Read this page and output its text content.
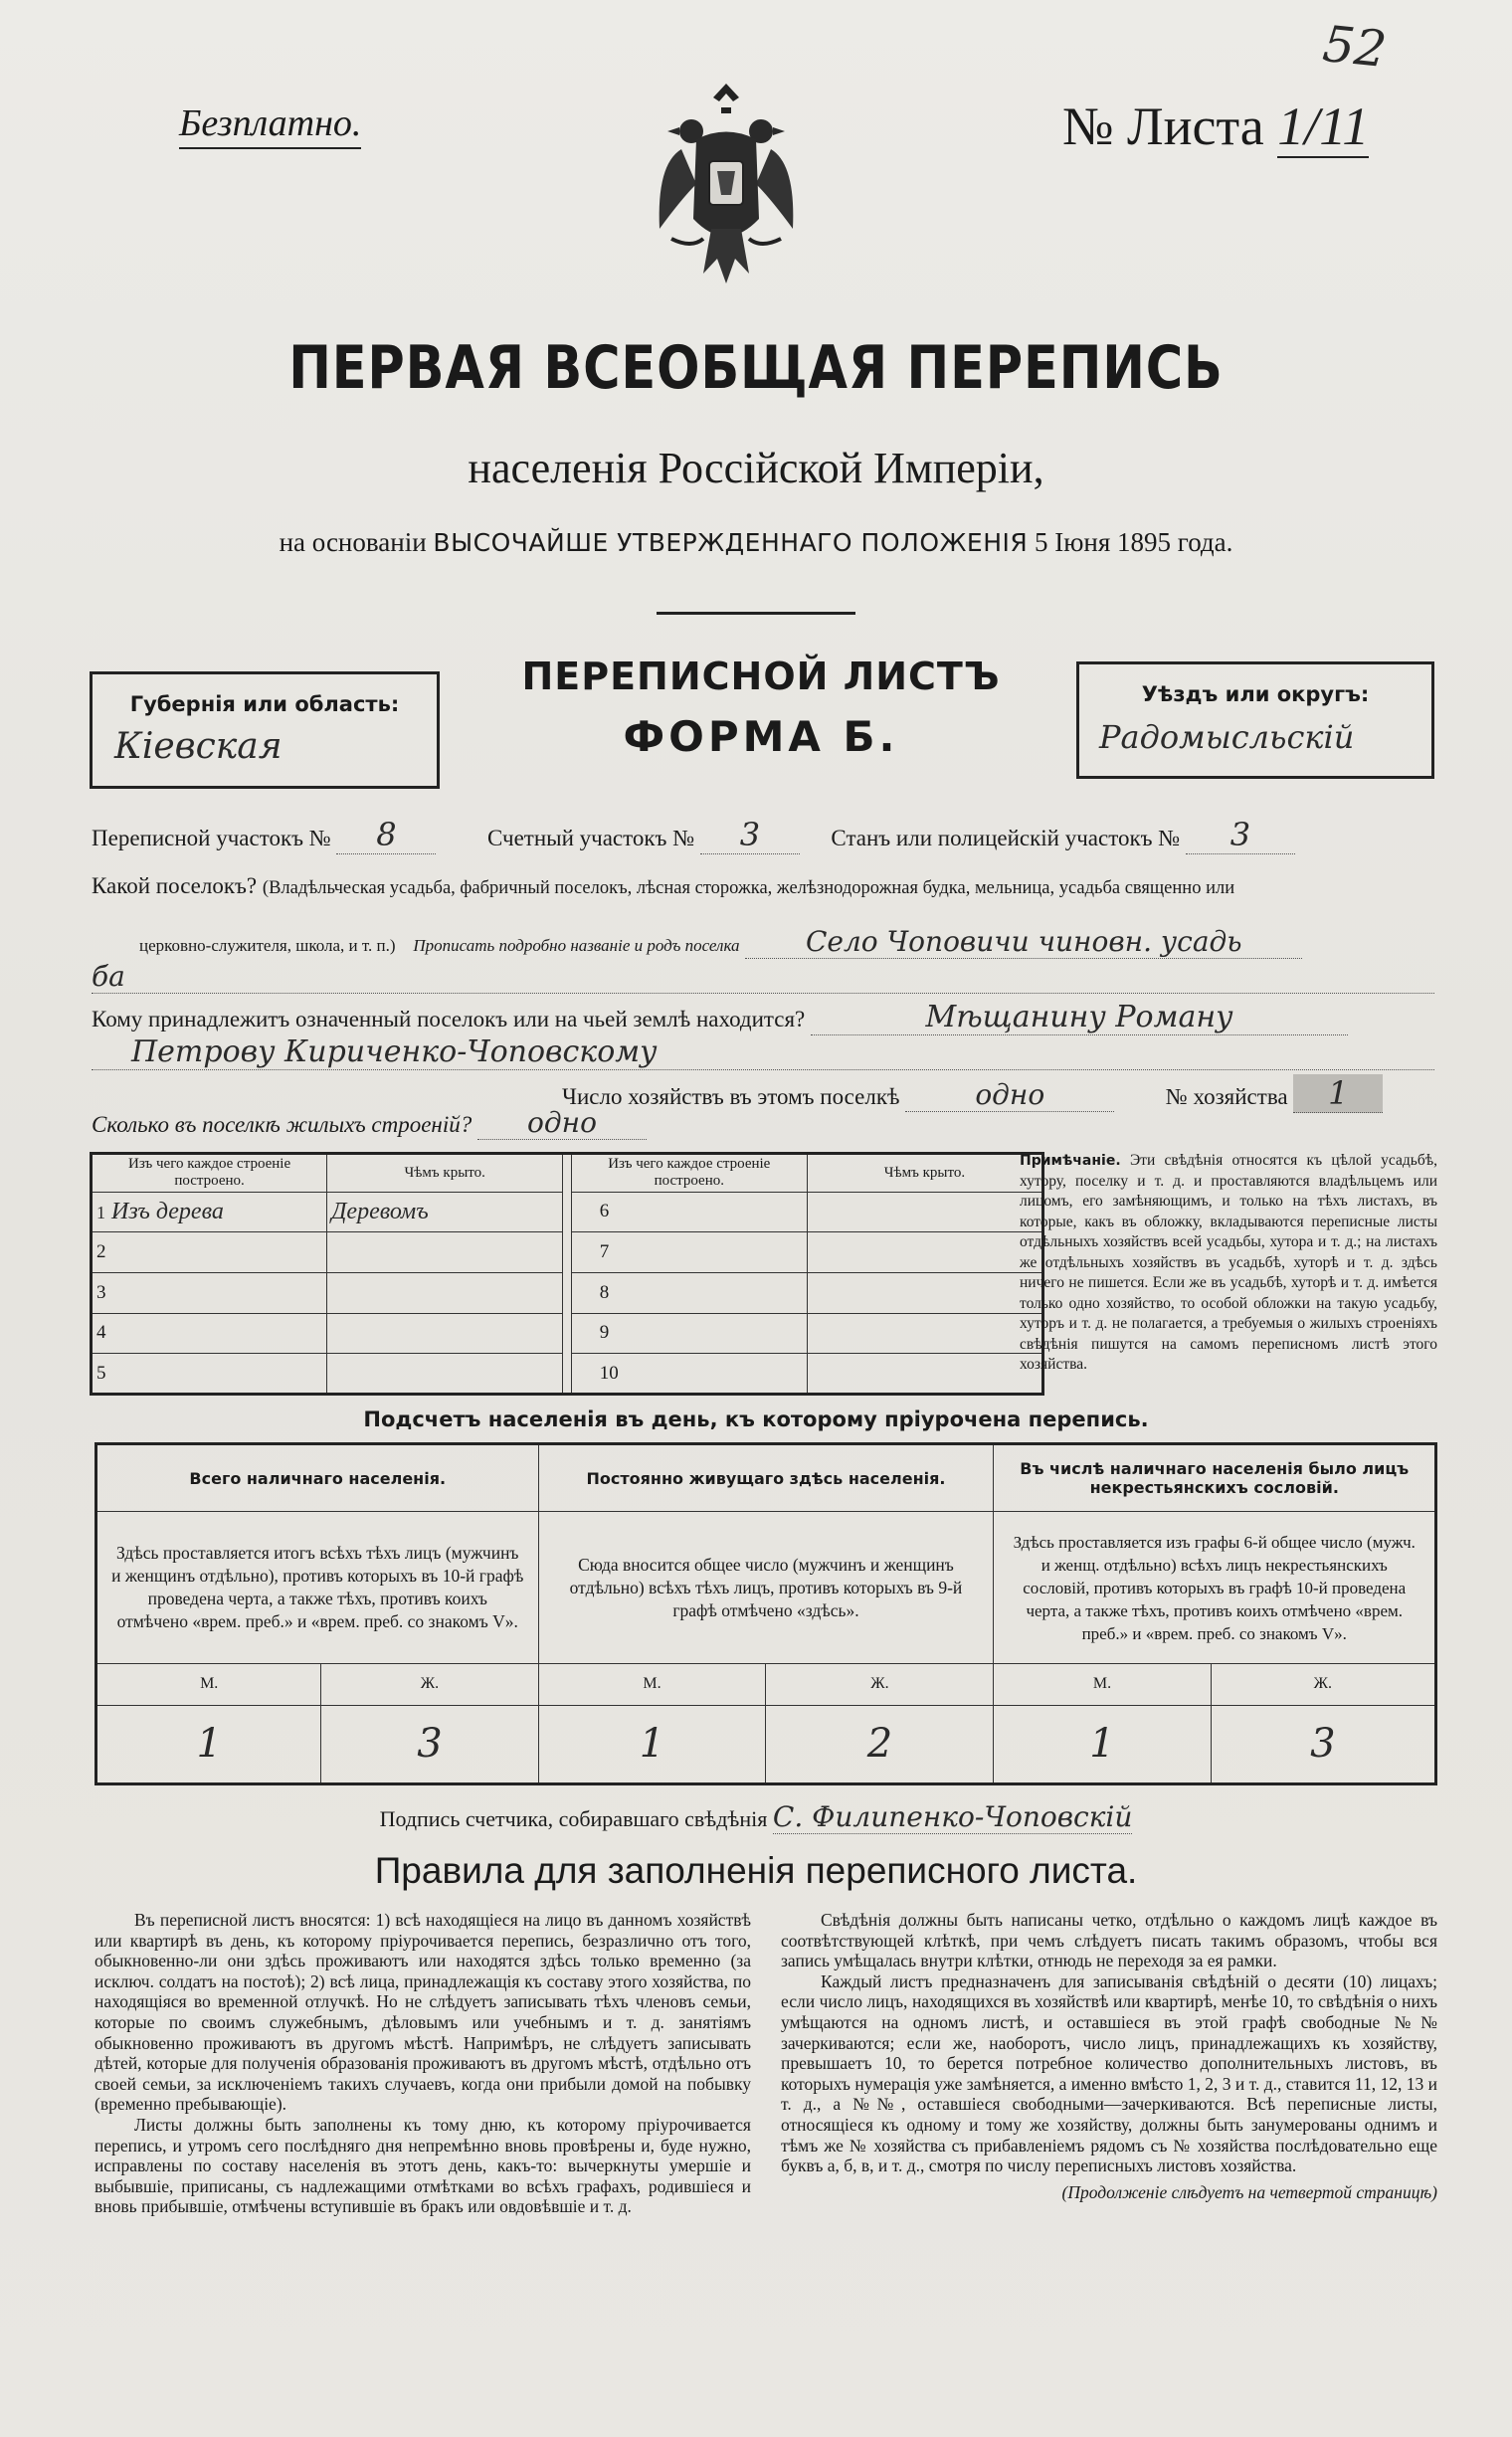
52
Безплатно.	№ Листа 1/11
ПЕРВАЯ ВСЕОБЩАЯ ПЕРЕПИСЬ
населенія Россійской Имперіи,
на основаніи ВЫСОЧАЙШЕ УТВЕРЖДЕННАГО ПОЛОЖЕНІЯ 5 Іюня 1895 года.
Губернія или область:
Кіевская
ПЕРЕПИСНОЙ ЛИСТЪ
ФОРМА Б.
Уѣздъ или округъ:
Радомысльскій
Переписной участокъ № 8	Счетный участокъ № 3	Станъ или полицейскій участокъ № 3
Какой поселокъ? (Владѣльческая усадьба, фабричный поселокъ, лѣсная сторожка, желѣзнодорожная будка, мельница, усадьба священно или
церковно-служителя, школа, и т. п.) Прописать подробно названіе и родъ поселка Село Чоповичи чиновн. усадь
ба
Кому принадлежитъ означенный поселокъ или на чьей землѣ находится?	Мѣщанину Роману
Петрову Кириченко-Чоповскому
Число хозяйствъ въ этомъ поселкѣ	одно	№ хозяйства 1
Сколько въ поселкѣ жилыхъ строеній? одно
Изъ чего каждое строеніе построено.	Чѣмъ крыто.		Изъ чего каждое строеніе построено.	Чѣмъ крыто.
1 Изъ дерева	Деревомъ		6	
2			7	
3			8	
4			9	
5			10	
Примѣчаніе. Эти свѣдѣнія относятся къ цѣлой усадьбѣ, хутору, поселку и т. д. и проставляются владѣльцемъ или лицомъ, его замѣняющимъ, и только на тѣхъ листахъ, въ которые, какъ въ обложку, вкладываются переписные листы отдѣльныхъ хозяйствъ всей усадьбы, хутора и т. д.; на листахъ же отдѣльныхъ хозяйствъ въ усадьбѣ, хуторѣ и т. д. здѣсь ничего не пишется. Если же въ усадьбѣ, хуторѣ и т. д. имѣется только одно хозяйство, то особой обложки на такую усадьбу, хуторъ и т. д. не полагается, а требуемыя о жилыхъ строеніяхъ свѣдѣнія пишутся на самомъ переписномъ листѣ этого хозяйства.
Подсчетъ населенія въ день, къ которому пріурочена перепись.
Всего наличнаго населенія.		Постоянно живущаго здѣсь населенія.		Въ числѣ наличнаго населенія было лицъ некрестьянскихъ сословій.	
Здѣсь проставляется итогъ всѣхъ тѣхъ лицъ (мужчинъ и женщинъ отдѣльно), противъ которыхъ въ 10-й графѣ проведена черта, а также тѣхъ, противъ коихъ отмѣчено «врем. преб.» и «врем. преб. со знакомъ V».		Сюда вносится общее число (мужчинъ и женщинъ отдѣльно) всѣхъ тѣхъ лицъ, противъ которыхъ въ 9-й графѣ отмѣчено «здѣсь».		Здѣсь проставляется изъ графы 6-й общее число (мужч. и женщ. отдѣльно) всѣхъ лицъ некрестьянскихъ сословій, противъ которыхъ въ графѣ 10-й проведена черта, а также тѣхъ, противъ коихъ отмѣчено «врем. преб.» и «врем. преб. со знакомъ V».	
М.	Ж.	М.	Ж.	М.	Ж.
1	3	1	2	1	3
Подпись счетчика, собиравшаго свѣдѣнія С. Филипенко-Чоповскій
Правила для заполненія переписного листа.

Въ переписной листъ вносятся: 1) всѣ находящіеся на лицо въ данномъ хозяйствѣ или квартирѣ въ день, къ которому пріурочивается перепись, безразлично отъ того, обыкновенно-ли они здѣсь проживаютъ или находятся здѣсь только временно (за исключ. солдатъ на постоѣ); 2) всѣ лица, принадлежащія къ составу этого хозяйства, по находящіяся во временной отлучкѣ. Но не слѣдуетъ записывать тѣхъ членовъ семьи, которые по своимъ служебнымъ, дѣловымъ или учебнымъ и т. д. занятіямъ обыкновенно проживаютъ въ другомъ мѣстѣ. Напримѣръ, не слѣдуетъ записывать дѣтей, которые для полученія образованія проживаютъ въ другомъ мѣстѣ, отдѣльно отъ своей семьи, за исключеніемъ такихъ случаевъ, когда они прибыли домой на побывку (временно пребывающіе).

Листы должны быть заполнены къ тому дню, къ которому пріурочивается перепись, и утромъ сего послѣдняго дня непремѣнно вновь провѣрены и, буде нужно, исправлены по составу населенія въ этотъ день, какъ-то: вычеркнуты умершіе и выбывшіе, приписаны, съ надлежащими отмѣтками во всѣхъ графахъ, родившіеся и вновь прибывшіе, отмѣчены вступившіе въ бракъ или овдовѣвшіе и т. д.

Свѣдѣнія должны быть написаны четко, отдѣльно о каждомъ лицѣ каждое въ соотвѣтствующей клѣткѣ, при чемъ слѣдуетъ писать такимъ образомъ, чтобы вся запись умѣщалась внутри клѣтки, отнюдь не переходя за ея рамки.

Каждый листъ предназначенъ для записыванія свѣдѣній о десяти (10) лицахъ; если число лицъ, находящихся въ хозяйствѣ или квартирѣ, менѣе 10, то свѣдѣнія о нихъ умѣщаются на одномъ листѣ, и оставшіеся въ этой графѣ свободные №№ зачеркиваются; если же, наоборотъ, число лицъ, принадлежащихъ къ хозяйству, превышаетъ 10, то берется потребное количество дополнительныхъ листовъ, въ которыхъ нумерація уже замѣняется, а именно вмѣсто 1, 2, 3 и т. д., ставится 11, 12, 13 и т. д., а №№, оставшіеся свободными—зачеркиваются. Всѣ переписные листы, относящіеся къ одному и тому же хозяйству, должны быть занумерованы однимъ и тѣмъ же № хозяйства съ прибавленіемъ рядомъ съ № хозяйства послѣдовательно еще буквъ а, б, в, и т. д., смотря по числу переписныхъ листовъ хозяйства.

(Продолженіе слѣдуетъ на четвертой страницѣ)
